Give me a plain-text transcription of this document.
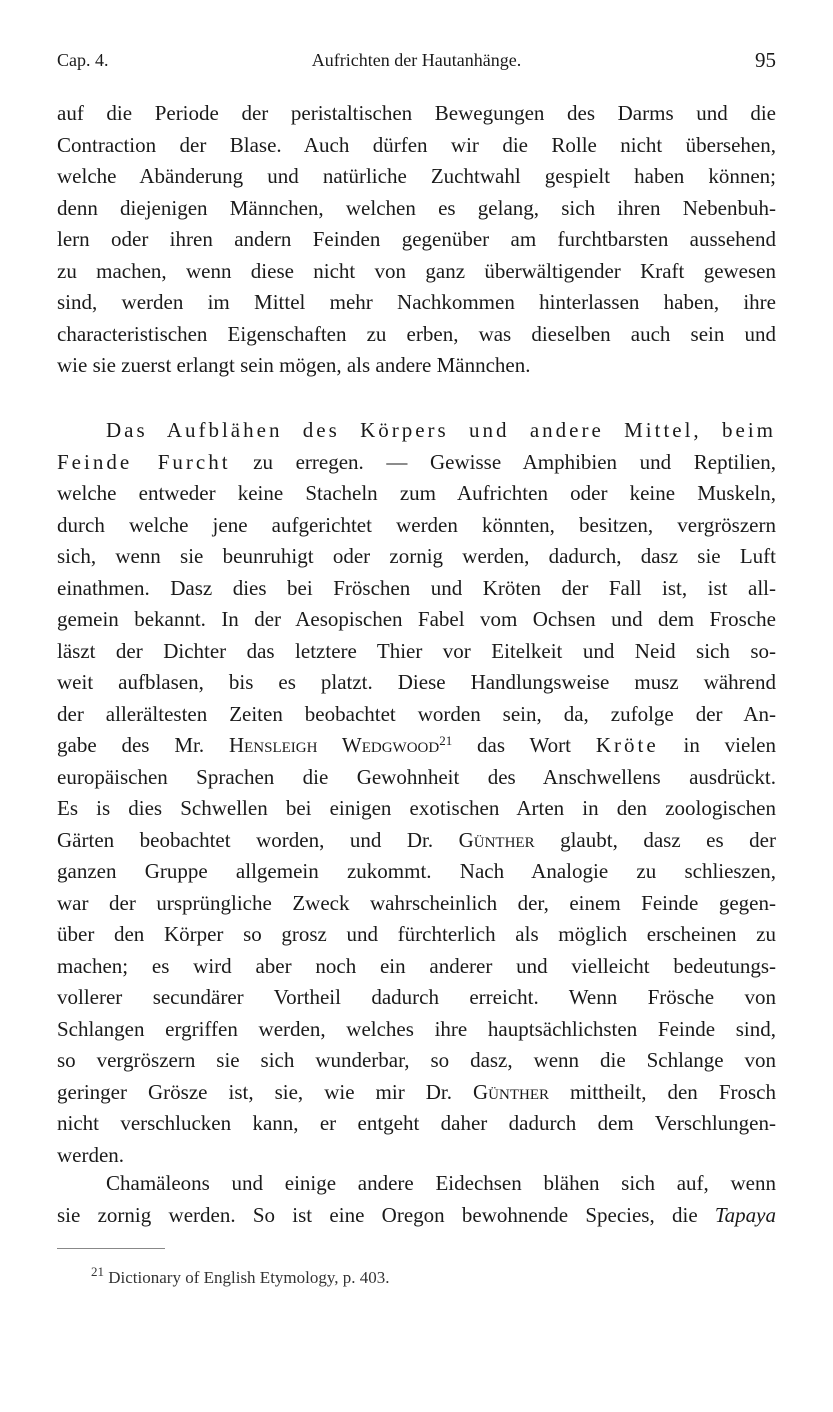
Cap. 4.	Aufrichten der Hautanhänge.	95
auf die Periode der peristaltischen Bewegungen des Darms und die
Contraction der Blase. Auch dürfen wir die Rolle nicht übersehen,
welche Abänderung und natürliche Zuchtwahl gespielt haben können;
denn diejenigen Männchen, welchen es gelang, sich ihren Nebenbuh-
lern oder ihren andern Feinden gegenüber am furchtbarsten aussehend
zu machen, wenn diese nicht von ganz überwältigender Kraft gewesen
sind, werden im Mittel mehr Nachkommen hinterlassen haben, ihre
characteristischen Eigenschaften zu erben, was dieselben auch sein und
wie sie zuerst erlangt sein mögen, als andere Männchen.
Das Aufblähen des Körpers und andere Mittel, beim
Feinde Furcht zu erregen. — Gewisse Amphibien und Reptilien,
welche entweder keine Stacheln zum Aufrichten oder keine Muskeln,
durch welche jene aufgerichtet werden könnten, besitzen, vergröszern
sich, wenn sie beunruhigt oder zornig werden, dadurch, dasz sie Luft
einathmen. Dasz dies bei Fröschen und Kröten der Fall ist, ist all-
gemein bekannt. In der Aesopischen Fabel vom Ochsen und dem Frosche
läszt der Dichter das letztere Thier vor Eitelkeit und Neid sich so-
weit aufblasen, bis es platzt. Diese Handlungsweise musz während
der allerältesten Zeiten beobachtet worden sein, da, zufolge der An-
gabe des Mr. Hensleigh Wedgwood$^{21}$ das Wort Kröte in vielen
europäischen Sprachen die Gewohnheit des Anschwellens ausdrückt.
Es is dies Schwellen bei einigen exotischen Arten in den zoologischen
Gärten beobachtet worden, und Dr. Günther glaubt, dasz es der
ganzen Gruppe allgemein zukommt. Nach Analogie zu schlieszen,
war der ursprüngliche Zweck wahrscheinlich der, einem Feinde gegen-
über den Körper so grosz und fürchterlich als möglich erscheinen zu
machen; es wird aber noch ein anderer und vielleicht bedeutungs-
vollerer secundärer Vortheil dadurch erreicht. Wenn Frösche von
Schlangen ergriffen werden, welches ihre hauptsächlichsten Feinde sind,
so vergröszern sie sich wunderbar, so dasz, wenn die Schlange von
geringer Grösze ist, sie, wie mir Dr. Günther mittheilt, den Frosch
nicht verschlucken kann, er entgeht daher dadurch dem Verschlungen-
werden.
Chamäleons und einige andere Eidechsen blähen sich auf, wenn
sie zornig werden. So ist eine Oregon bewohnende Species, die Tapaya
$^{21}$ Dictionary of English Etymology, p. 403.
